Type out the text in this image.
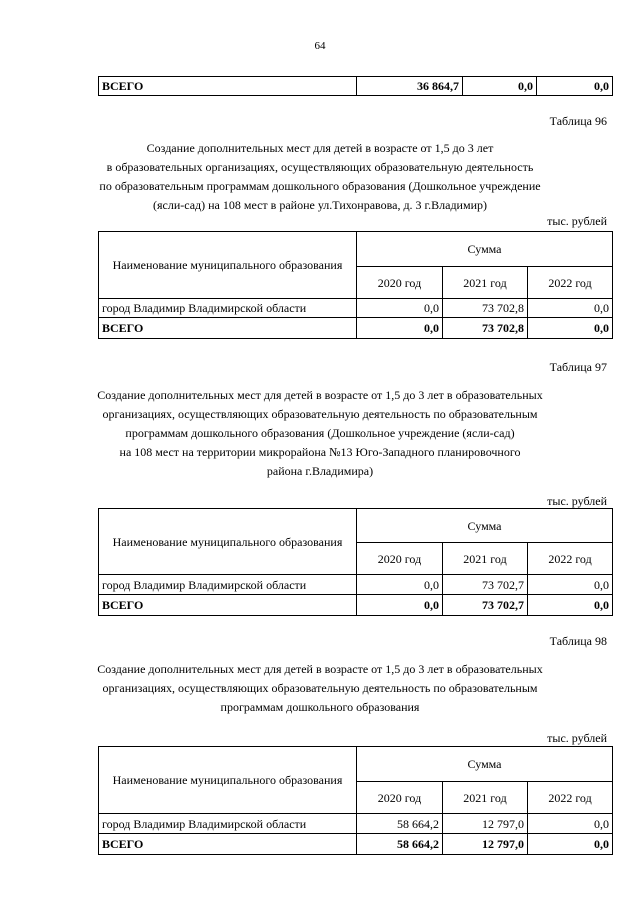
64
ВСЕГО	36 864,7	0,0	0,0
Таблица 96
Создание дополнительных мест для детей в возрасте от 1,5 до 3 лет
в образовательных организациях, осуществляющих образовательную деятельность
по образовательным программам дошкольного образования (Дошкольное учреждение
(ясли-сад) на 108 мест в районе ул.Тихонравова, д. 3 г.Владимир)
тыс. рублей
Наименование муниципального образования	Сумма		
	2020 год	2021 год	2022 год
город Владимир Владимирской области	0,0	73 702,8	0,0
ВСЕГО	0,0	73 702,8	0,0
Таблица 97
Создание дополнительных мест для детей в возрасте от 1,5 до 3 лет в образовательных
организациях, осуществляющих образовательную деятельность по образовательным
программам дошкольного образования (Дошкольное учреждение (ясли-сад)
на 108 мест на территории микрорайона №13 Юго-Западного планировочного
района г.Владимира)
тыс. рублей
Наименование муниципального образования	Сумма		
	2020 год	2021 год	2022 год
город Владимир Владимирской области	0,0	73 702,7	0,0
ВСЕГО	0,0	73 702,7	0,0
Таблица 98
Создание дополнительных мест для детей в возрасте от 1,5 до 3 лет в образовательных
организациях, осуществляющих образовательную деятельность по образовательным
программам дошкольного образования
тыс. рублей
Наименование муниципального образования	Сумма		
	2020 год	2021 год	2022 год
город Владимир Владимирской области	58 664,2	12 797,0	0,0
ВСЕГО	58 664,2	12 797,0	0,0
